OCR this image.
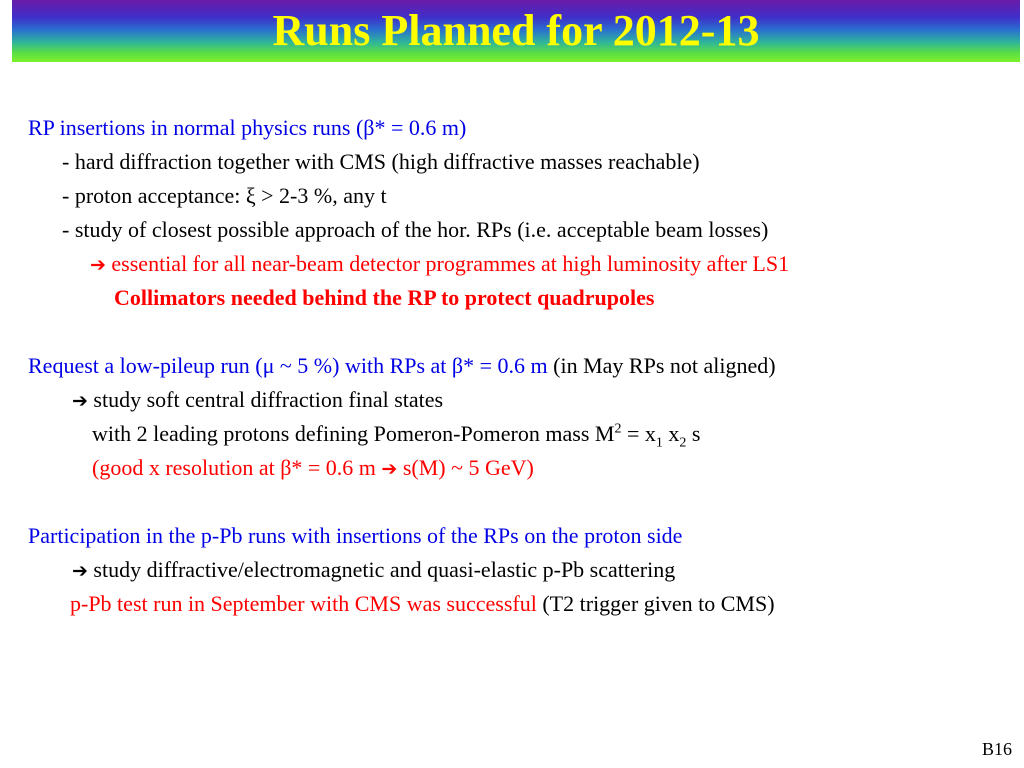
Runs Planned for 2012-13
RP insertions in normal physics runs (β* = 0.6 m)
- hard diffraction together with CMS (high diffractive masses reachable)
- proton acceptance: ξ > 2-3 %, any t
- study of closest possible approach of the hor. RPs (i.e. acceptable beam losses)
➔ essential for all near-beam detector programmes at high luminosity after LS1
Collimators needed behind the RP to protect quadrupoles
Request a low-pileup run (μ ~ 5 %) with RPs at β* = 0.6 m (in May RPs not aligned)
➔ study soft central diffraction final states
with 2 leading protons defining Pomeron-Pomeron mass $M^2 = x_1$ $x_2$ s
(good x resolution at β* = 0.6 m ➔ s(M) ~ 5 GeV)
Participation in the p-Pb runs with insertions of the RPs on the proton side
➔ study diffractive/electromagnetic and quasi-elastic p-Pb scattering
p-Pb test run in September with CMS was successful (T2 trigger given to CMS)
B16
